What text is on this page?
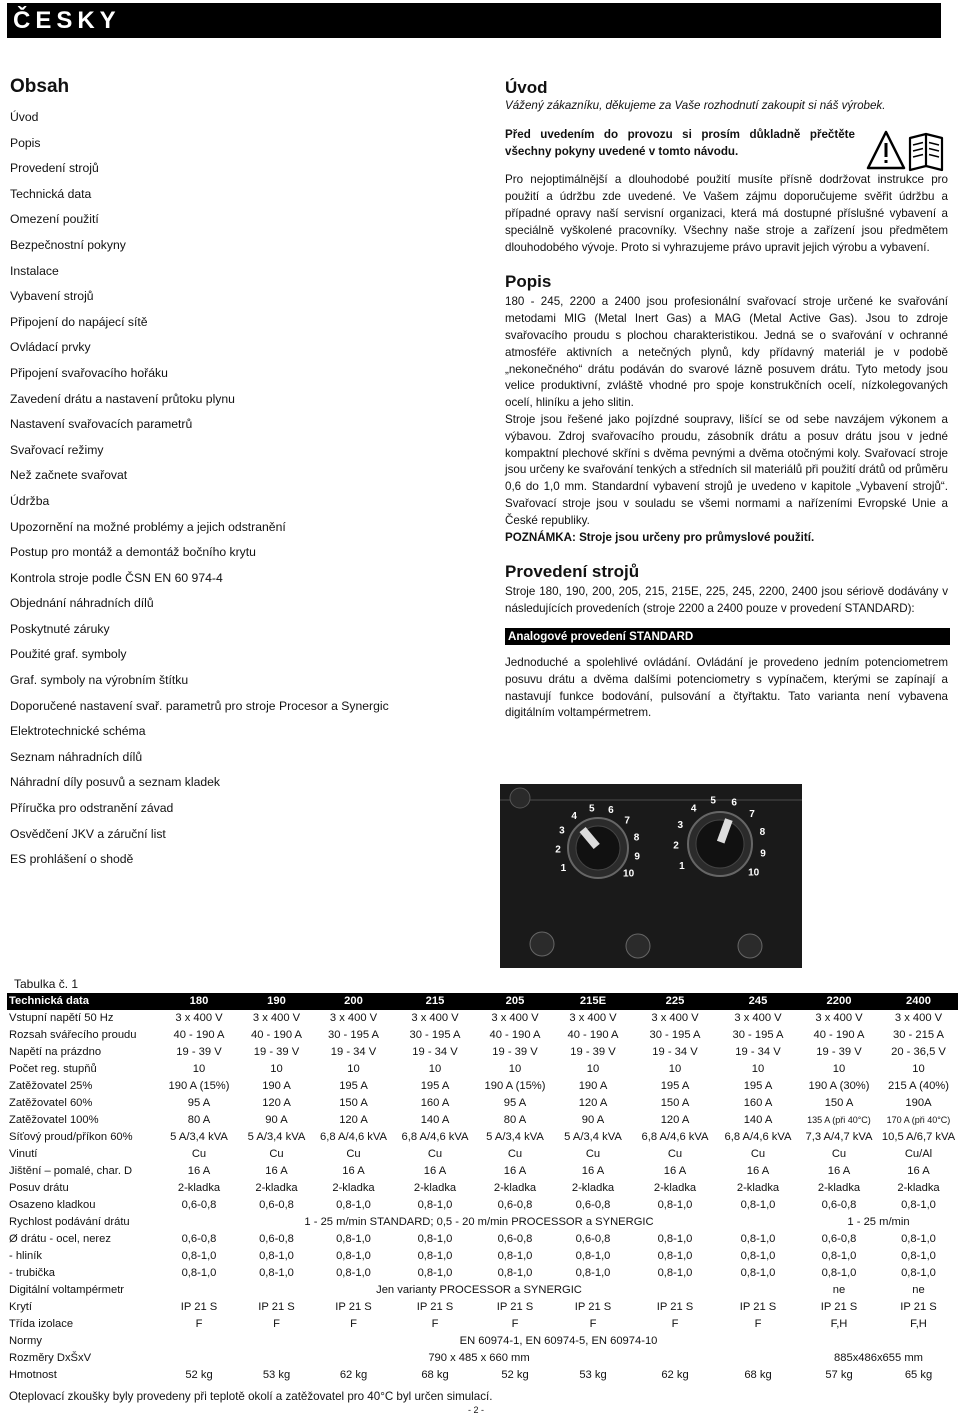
ČESKY
Obsah
Úvod
Popis
Provedení strojů
Technická data
Omezení použití
Bezpečnostní pokyny
Instalace
Vybavení strojů
Připojení do napájecí sítě
Ovládací prvky
Připojení svařovacího hořáku
Zavedení drátu a nastavení průtoku plynu
Nastavení svařovacích parametrů
Svařovací režimy
Než začnete svařovat
Údržba
Upozornění na možné problémy a jejich odstranění
Postup pro montáž a demontáž bočního krytu
Kontrola stroje podle ČSN EN 60 974-4
Objednání náhradních dílů
Poskytnuté záruky
Použité graf. symboly
Graf. symboly na výrobním štítku
Doporučené nastavení svař. parametrů pro stroje Procesor a Synergic
Elektrotechnické schéma
Seznam náhradních dílů
Náhradní díly posuvů a seznam kladek
Příručka pro odstranění závad
Osvědčení JKV a záruční list
ES prohlášení o shodě
Úvod

Vážený zákazníku, děkujeme za Vaše rozhodnutí zakoupit si náš výrobek.

Před uvedením do provozu si prosím důkladně přečtěte všechny pokyny uvedené v tomto návodu.

Pro nejoptimálnější a dlouhodobé použití musíte přísně dodržovat instrukce pro použití a údržbu zde uvedené. Ve Vašem zájmu doporučujeme svěřit údržbu a případné opravy naší servisní organizaci, která má dostupné příslušné vybavení a speciálně vyškolené pracovníky. Všechny naše stroje a zařízení jsou předmětem dlouhodobého vývoje. Proto si vyhrazujeme právo upravit jejich výrobu a vybavení.

Popis

180 - 245, 2200 a 2400 jsou profesionální svařovací stroje určené ke svařování metodami MIG (Metal Inert Gas) a MAG (Metal Active Gas). Jsou to zdroje svařovacího proudu s plochou charakteristikou. Jedná se o svařování v ochranné atmosféře aktivních a netečných plynů, kdy přídavný materiál je v podobě „nekonečného“ drátu podáván do svarové lázně posuvem drátu. Tyto metody jsou velice produktivní, zvláště vhodné pro spoje konstrukčních ocelí, nízkolegovaných ocelí, hliníku a jeho slitin.

Stroje jsou řešené jako pojízdné soupravy, lišící se od sebe navzájem výkonem a výbavou. Zdroj svařovacího proudu, zásobník drátu a posuv drátu jsou v jedné kompaktní plechové skříni s dvěma pevnými a dvěma otočnými koly. Svařovací stroje jsou určeny ke svařování tenkých a středních sil materiálů při použití drátů od průměru 0,6 do 1,0 mm. Standardní vybavení strojů je uvedeno v kapitole „Vybavení strojů“. Svařovací stroje jsou v souladu se všemi normami a nařízeními Evropské Unie a České republiky.

POZNÁMKA: Stroje jsou určeny pro průmyslové použití.

Provedení strojů

Stroje 180, 190, 200, 205, 215, 215E, 225, 245, 2200, 2400 jsou sériově dodávány v následujících provedeních (stroje 2200 a 2400 pouze v provedení STANDARD):

Analogové provedení STANDARD

Jednoduché a spolehlivé ovládání. Ovládání je provedeno jedním potenciometrem posuvu drátu a dvěma dalšími potenciometry s vypínačem, kterými se zapínají a nastavují funkce bodování, pulsování a čtyřtaktu. Tato varianta není vybavena digitálním voltampérmetrem.

1
2
3
4
5 6
7
8
9
10
1
2
3
4
5 6
7
8
9
10
Tabulka č. 1
Technická data	180	190	200	215	205	215E	225	245	2200	2400
Vstupní napětí 50 Hz	3 x 400 V	3 x 400 V	3 x 400 V	3 x 400 V	3 x 400 V	3 x 400 V	3 x 400 V	3 x 400 V	3 x 400 V	3 x 400 V
Rozsah svářecího proudu	40 - 190 A	40 - 190 A	30 - 195 A	30 - 195 A	40 - 190 A	40 - 190 A	30 - 195 A	30 - 195 A	40 - 190 A	30 - 215 A
Napětí na prázdno	19 - 39 V	19 - 39 V	19 - 34 V	19 - 34 V	19 - 39 V	19 - 39 V	19 - 34 V	19 - 34 V	19 - 39 V	20 - 36,5 V
Počet reg. stupňů	10	10	10	10	10	10	10	10	10	10
Zatěžovatel 25%	190 A (15%)	190 A	195 A	195 A	190 A (15%)	190 A	195 A	195 A	190 A (30%)	215 A (40%)
Zatěžovatel 60%	95 A	120 A	150 A	160 A	95 A	120 A	150 A	160 A	150 A	190A
Zatěžovatel 100%	80 A	90 A	120 A	140 A	80 A	90 A	120 A	140 A	135 A (při 40°C)	170 A (při 40°C)
Síťový proud/příkon 60%	5 A/3,4 kVA	5 A/3,4 kVA	6,8 A/4,6 kVA	6,8 A/4,6 kVA	5 A/3,4 kVA	5 A/3,4 kVA	6,8 A/4,6 kVA	6,8 A/4,6 kVA	7,3 A/4,7 kVA	10,5 A/6,7 kVA
Vinutí	Cu	Cu	Cu	Cu	Cu	Cu	Cu	Cu	Cu	Cu/Al
Jištění – pomalé, char. D	16 A	16 A	16 A	16 A	16 A	16 A	16 A	16 A	16 A	16 A
Posuv drátu	2-kladka	2-kladka	2-kladka	2-kladka	2-kladka	2-kladka	2-kladka	2-kladka	2-kladka	2-kladka
Osazeno kladkou	0,6-0,8	0,6-0,8	0,8-1,0	0,8-1,0	0,6-0,8	0,6-0,8	0,8-1,0	0,8-1,0	0,6-0,8	0,8-1,0
Rychlost podávání drátu	1 - 25 m/min STANDARD; 0,5 - 20 m/min PROCESSOR a SYNERGIC								1 - 25 m/min	
Ø drátu - ocel, nerez	0,6-0,8	0,6-0,8	0,8-1,0	0,8-1,0	0,6-0,8	0,6-0,8	0,8-1,0	0,8-1,0	0,6-0,8	0,8-1,0
- hliník	0,8-1,0	0,8-1,0	0,8-1,0	0,8-1,0	0,8-1,0	0,8-1,0	0,8-1,0	0,8-1,0	0,8-1,0	0,8-1,0
- trubička	0,8-1,0	0,8-1,0	0,8-1,0	0,8-1,0	0,8-1,0	0,8-1,0	0,8-1,0	0,8-1,0	0,8-1,0	0,8-1,0
Digitální voltampérmetr	Jen varianty PROCESSOR a SYNERGIC								ne	ne
Krytí	IP 21 S	IP 21 S	IP 21 S	IP 21 S	IP 21 S	IP 21 S	IP 21 S	IP 21 S	IP 21 S	IP 21 S
Třída izolace	F	F	F	F	F	F	F	F	F,H	F,H
Normy	EN 60974-1, EN 60974-5, EN 60974-10									
Rozměry DxŠxV	790 x 485 x 660 mm								885x486x655 mm	
Hmotnost	52 kg	53 kg	62 kg	68 kg	52 kg	53 kg	62 kg	68 kg	57 kg	65 kg
Oteplovací zkoušky byly provedeny při teplotě okolí a zatěžovatel pro 40°C byl určen simulací.
- 2 -
